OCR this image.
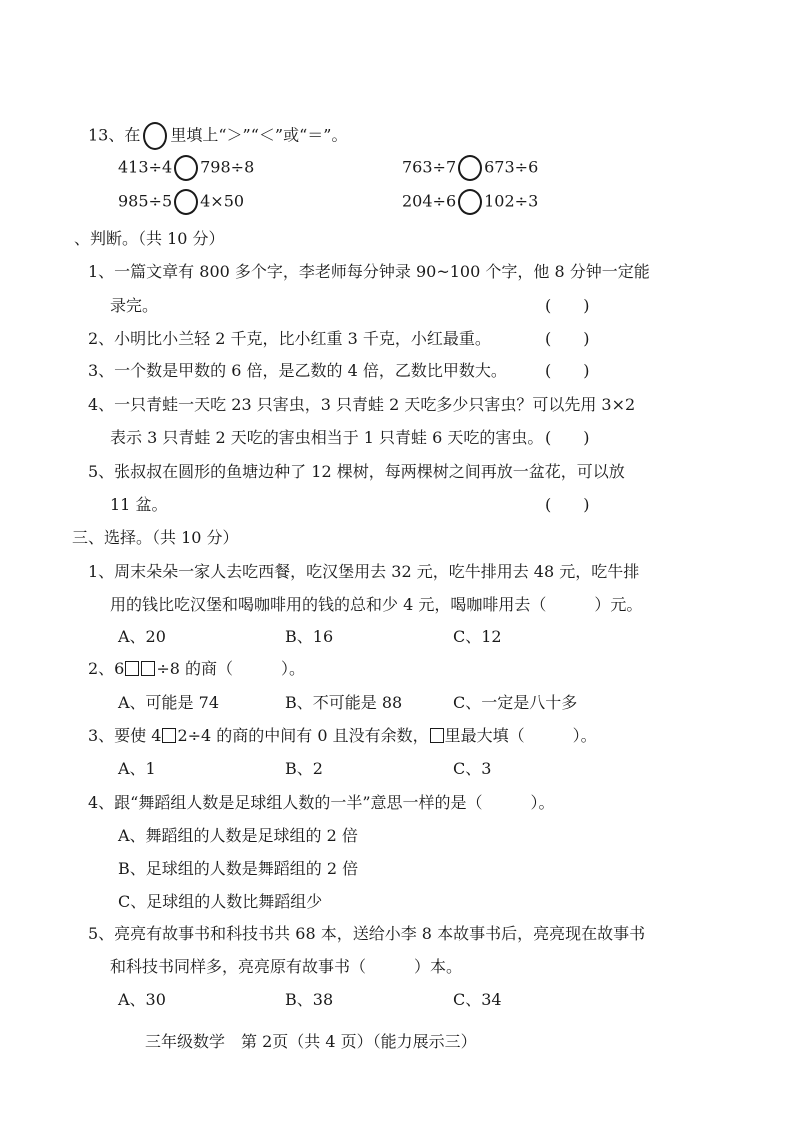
13、在 里填上“＞”“＜”或“＝”。
413÷4 798÷8	763÷7 673÷6
985÷5 4×50	204÷6 102÷3
、判断。（共 10 分）
1、一篇文章有 800 多个字，李老师每分钟录 90~100 个字，他 8 分钟一定能
录完。	(　　)
2、小明比小兰轻 2 千克，比小红重 3 千克，小红最重。	(　　)
3、一个数是甲数的 6 倍，是乙数的 4 倍，乙数比甲数大。 (　　)
4、一只青蛙一天吃 23 只害虫，3 只青蛙 2 天吃多少只害虫？可以先用 3×2
表示 3 只青蛙 2 天吃的害虫相当于 1 只青蛙 6 天吃的害虫。 (　　)
5、张叔叔在圆形的鱼塘边种了 12 棵树，每两棵树之间再放一盆花，可以放
11 盆。	(　　)
三、选择。（共 10 分）
1、周末朵朵一家人去吃西餐，吃汉堡用去 32 元，吃牛排用去 48 元，吃牛排
用的钱比吃汉堡和喝咖啡用的钱的总和少 4 元，喝咖啡用去（　　　）元。
A、20	B、16	C、12
2、6 ÷8 的商（　　　）。
A、可能是 74	B、不可能是 88	C、一定是八十多
3、要使 4 2÷4 的商的中间有 0 且没有余数， 里最大填（　　　）。
A、1	B、2	C、3
4、跟“舞蹈组人数是足球组人数的一半”意思一样的是（　　　）。
A、舞蹈组的人数是足球组的 2 倍
B、足球组的人数是舞蹈组的 2 倍
C、足球组的人数比舞蹈组少
5、亮亮有故事书和科技书共 68 本，送给小李 8 本故事书后，亮亮现在故事书
和科技书同样多，亮亮原有故事书（　　　）本。
A、30	B、38	C、34
三年级数学　第 2页（共 4 页）（能力展示三）
